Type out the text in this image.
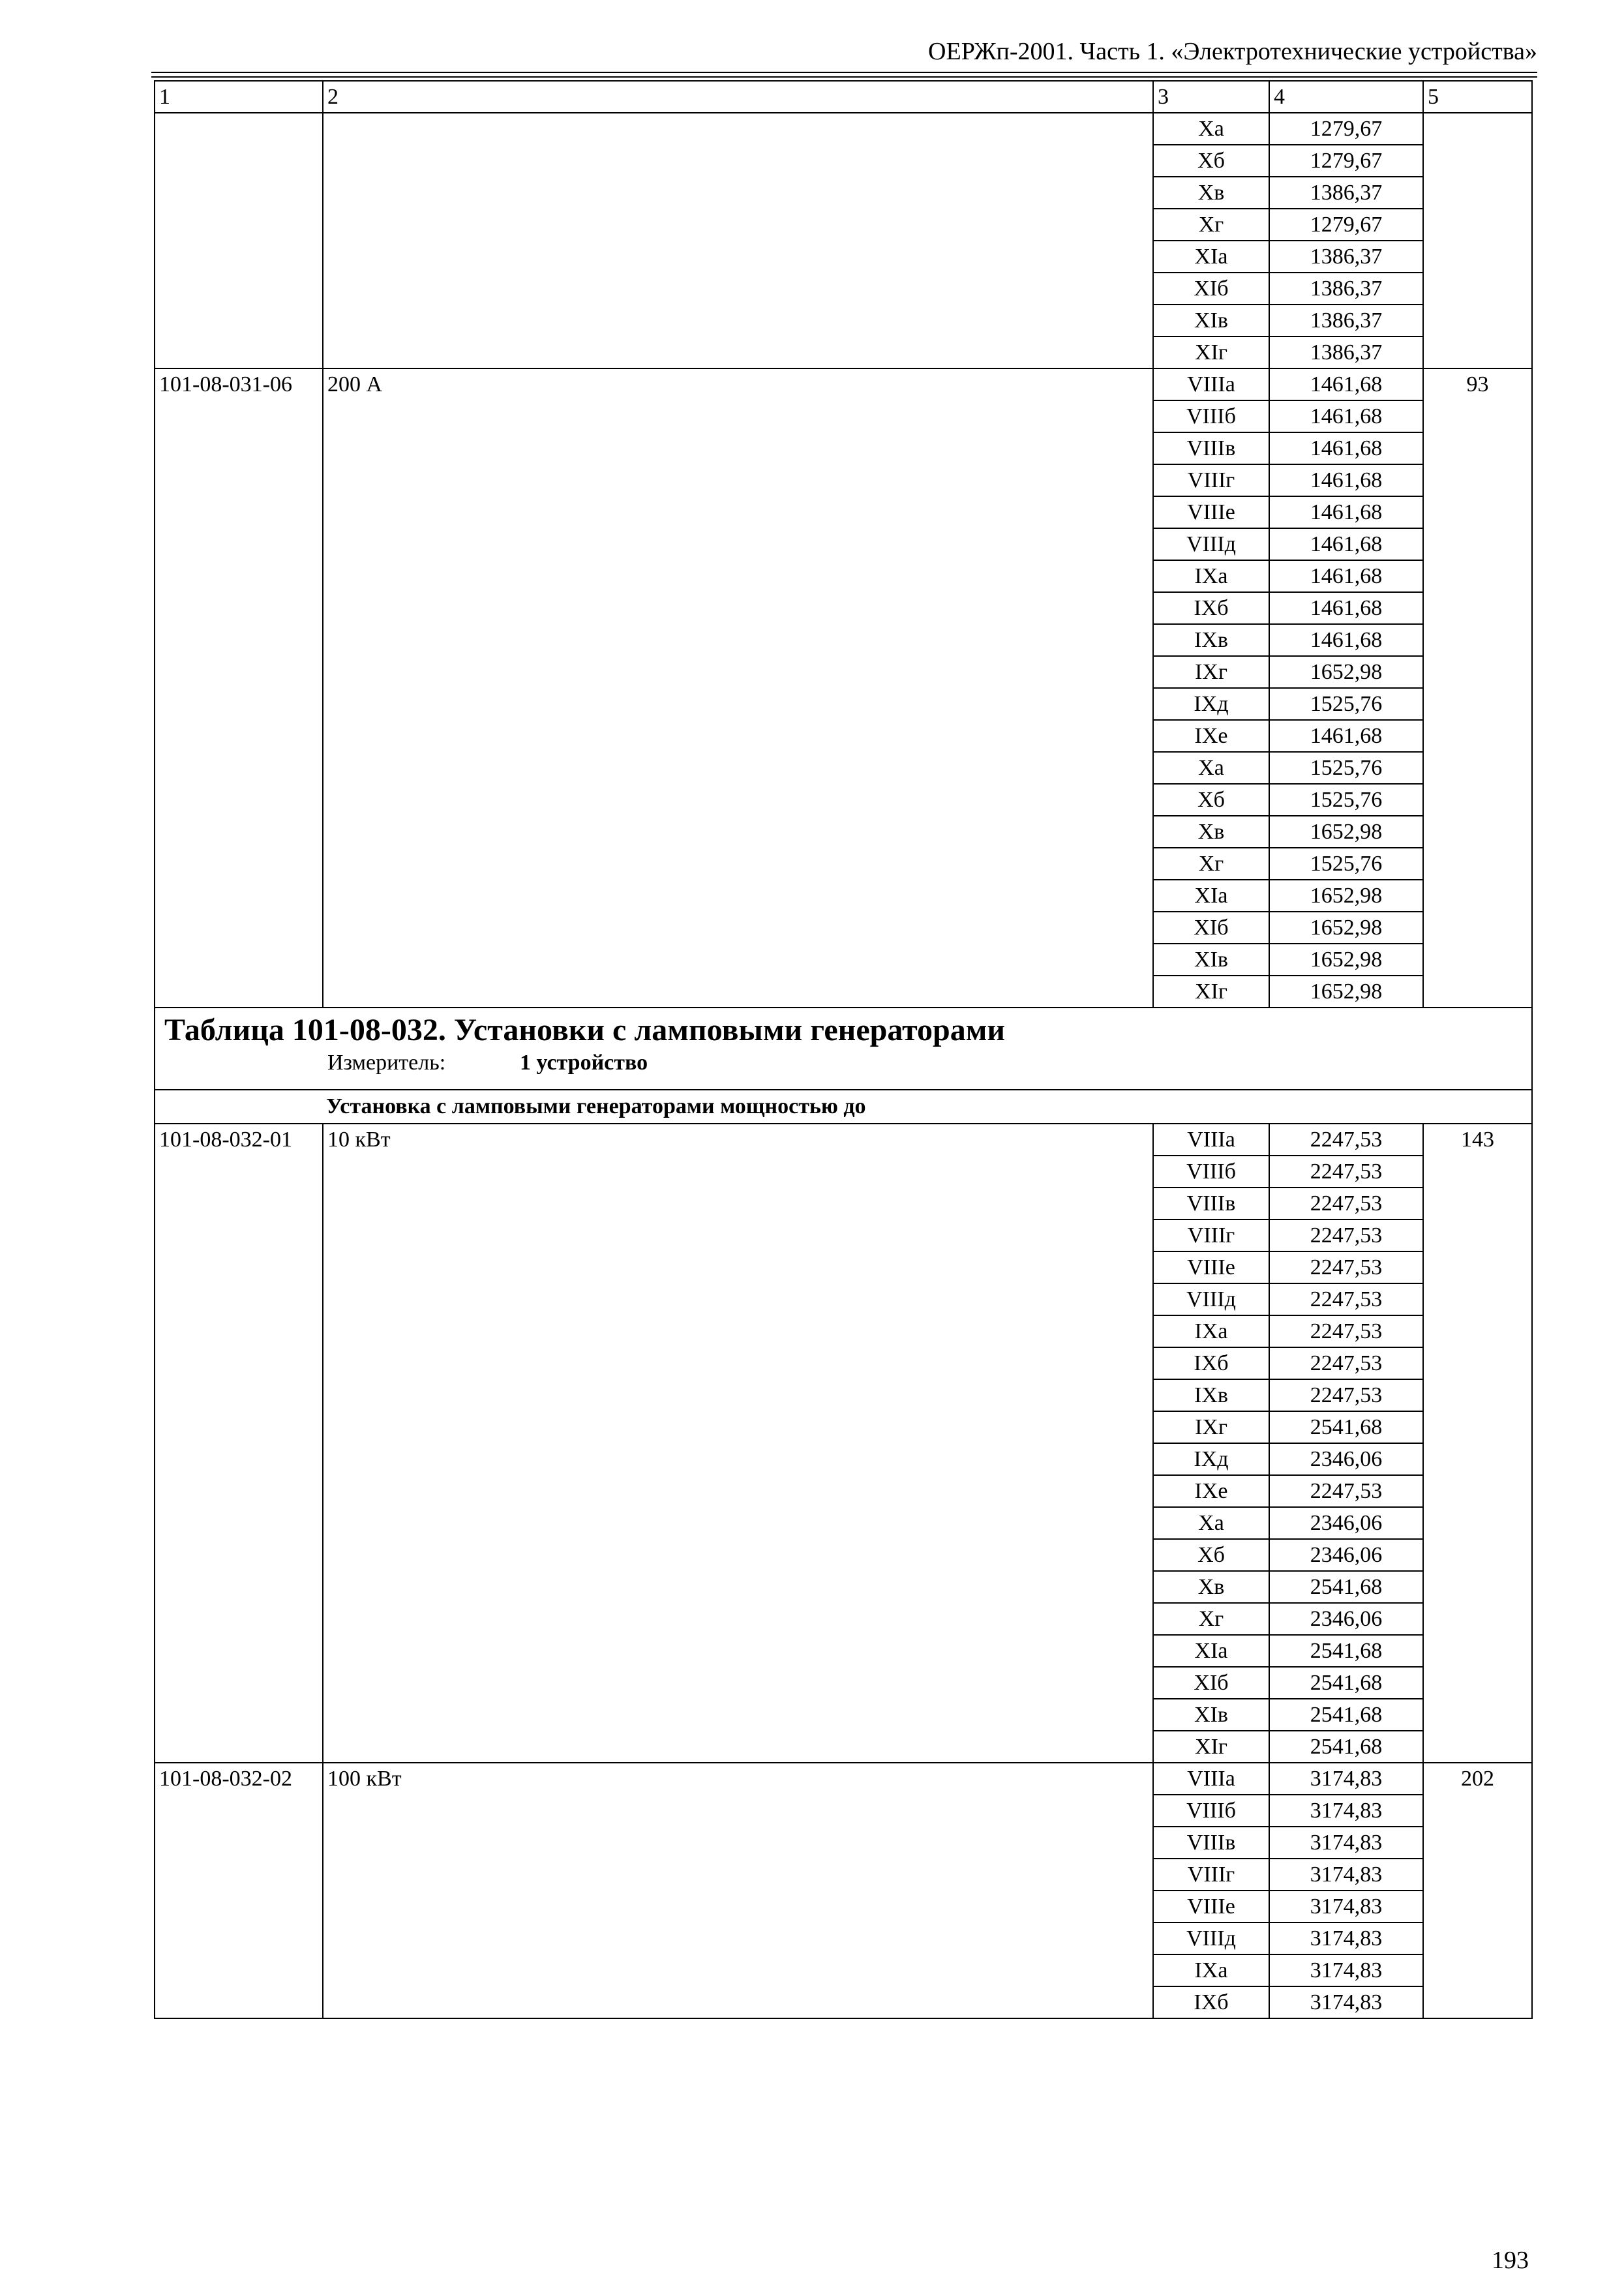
ОЕРЖп-2001. Часть 1. «Электротехнические устройства»
1	2	3	4	5
		Xa	1279,67	
		Xб	1279,67	
		Xв	1386,37	
		Xг	1279,67	
		XIa	1386,37	
		XIб	1386,37	
		XIв	1386,37	
		XIг	1386,37	
101-08-031-06	200 А	VIIIa	1461,68	93
		VIIIб	1461,68	
		VIIIв	1461,68	
		VIIIг	1461,68	
		VIIIe	1461,68	
		VIIIд	1461,68	
		IXa	1461,68	
		IXб	1461,68	
		IXв	1461,68	
		IXг	1652,98	
		IXд	1525,76	
		IXe	1461,68	
		Xa	1525,76	
		Xб	1525,76	
		Xв	1652,98	
		Xг	1525,76	
		XIa	1652,98	
		XIб	1652,98	
		XIв	1652,98	
		XIг	1652,98	

Таблица 101-08-032. Установки с ламповыми генераторами
Измеритель: 1 устройство				

Установка с ламповыми генераторами мощностью до				
101-08-032-01	10 кВт	VIIIa	2247,53	143
		VIIIб	2247,53	
		VIIIв	2247,53	
		VIIIг	2247,53	
		VIIIe	2247,53	
		VIIIд	2247,53	
		IXa	2247,53	
		IXб	2247,53	
		IXв	2247,53	
		IXг	2541,68	
		IXд	2346,06	
		IXe	2247,53	
		Xa	2346,06	
		Xб	2346,06	
		Xв	2541,68	
		Xг	2346,06	
		XIa	2541,68	
		XIб	2541,68	
		XIв	2541,68	
		XIг	2541,68	
101-08-032-02	100 кВт	VIIIa	3174,83	202
		VIIIб	3174,83	
		VIIIв	3174,83	
		VIIIг	3174,83	
		VIIIe	3174,83	
		VIIIд	3174,83	
		IXa	3174,83	
		IXб	3174,83	
193
